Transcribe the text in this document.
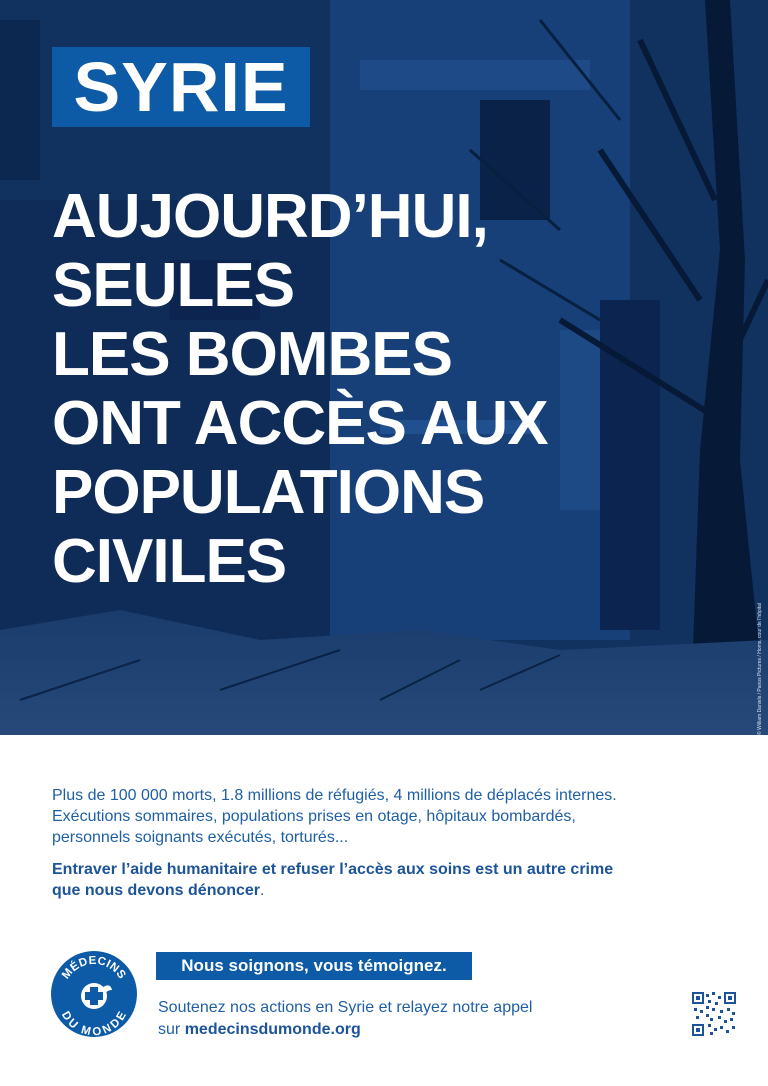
SYRIE
AUJOURD’HUI,
SEULES
LES BOMBES
ONT ACCÈS AUX
POPULATIONS
CIVILES
© William Daniels / Panos Pictures / Homs, cour de l’hôpital
Plus de 100 000 morts, 1.8 millions de réfugiés, 4 millions de déplacés internes.
Exécutions sommaires, populations prises en otage, hôpitaux bombardés,
personnels soignants exécutés, torturés...
Entraver l’aide humanitaire et refuser l’accès aux soins est un autre crime
que nous devons dénoncer.
MÉDECINS
DU MONDE
Nous soignons, vous témoignez.
Soutenez nos actions en Syrie et relayez notre appel
sur medecinsdumonde.org
